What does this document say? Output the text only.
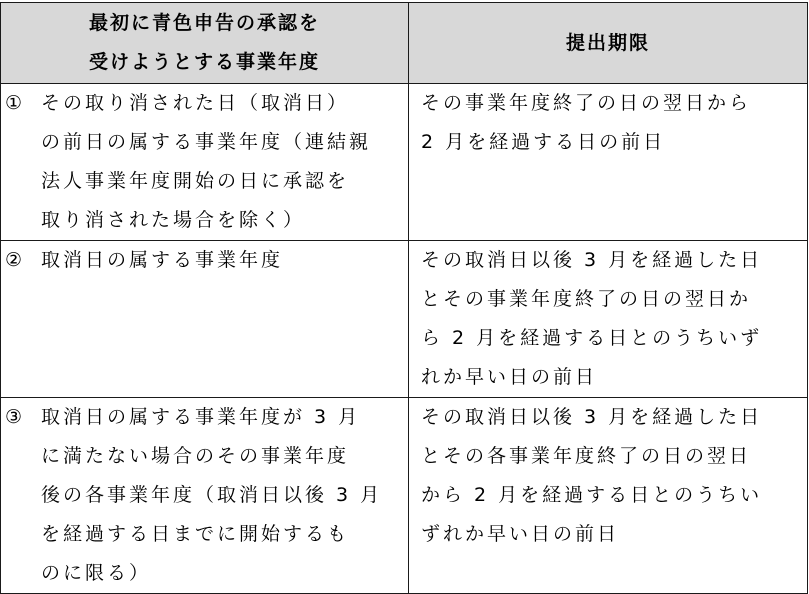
最初に青色申告の承認を
受けようとする事業年度	提出期限

① その取り消された日（取消日）
の前日の属する事業年度（連結親
法人事業年度開始の日に承認を
取り消された場合を除く）	その事業年度終了の日の翌日から
2 月を経過する日の前日

② 取消日の属する事業年度	その取消日以後 3 月を経過した日
とその事業年度終了の日の翌日か
ら 2 月を経過する日とのうちいず
れか早い日の前日

③ 取消日の属する事業年度が 3 月
に満たない場合のその事業年度
後の各事業年度（取消日以後 3 月
を経過する日までに開始するも
のに限る）	その取消日以後 3 月を経過した日
とその各事業年度終了の日の翌日
から 2 月を経過する日とのうちい
ずれか早い日の前日
